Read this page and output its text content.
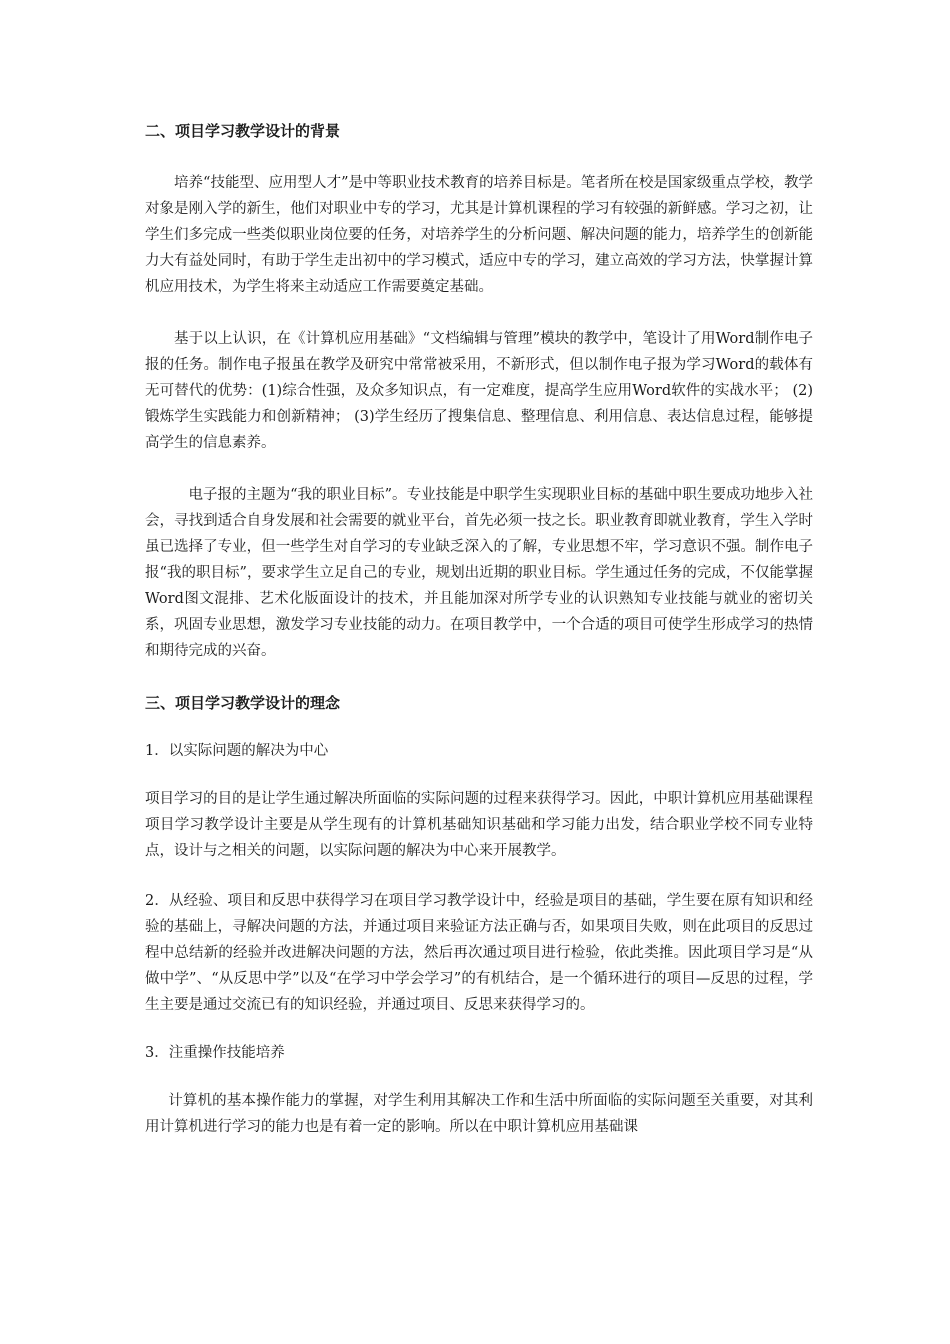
二、项目学习教学设计的背景

培养“技能型、应用型人才”是中等职业技术教育的培养目标是。笔者所在校是国家级重点学校，教学对象是刚入学的新生，他们对职业中专的学习，尤其是计算机课程的学习有较强的新鲜感。学习之初，让学生们多完成一些类似职业岗位要的任务，对培养学生的分析问题、解决问题的能力，培养学生的创新能力大有益处同时，有助于学生走出初中的学习模式，适应中专的学习，建立高效的学习方法，快掌握计算机应用技术，为学生将来主动适应工作需要奠定基础。

基于以上认识，在《计算机应用基础》“文档编辑与管理”模块的教学中，笔设计了用Word制作电子报的任务。制作电子报虽在教学及研究中常常被采用，不新形式，但以制作电子报为学习Word的载体有无可替代的优势：(1)综合性强，及众多知识点，有一定难度，提高学生应用Word软件的实战水平； (2)锻炼学生实践能力和创新精神； (3)学生经历了搜集信息、整理信息、利用信息、表达信息过程，能够提高学生的信息素养。

电子报的主题为“我的职业目标”。专业技能是中职学生实现职业目标的基础中职生要成功地步入社会，寻找到适合自身发展和社会需要的就业平台，首先必须一技之长。职业教育即就业教育，学生入学时虽已选择了专业，但一些学生对自学习的专业缺乏深入的了解，专业思想不牢，学习意识不强。制作电子报“我的职目标”，要求学生立足自己的专业，规划出近期的职业目标。学生通过任务的完成，不仅能掌握Word图文混排、艺术化版面设计的技术，并且能加深对所学专业的认识熟知专业技能与就业的密切关系，巩固专业思想，激发学习专业技能的动力。在项目教学中，一个合适的项目可使学生形成学习的热情和期待完成的兴奋。

三、项目学习教学设计的理念

1．以实际问题的解决为中心

项目学习的目的是让学生通过解决所面临的实际问题的过程来获得学习。因此，中职计算机应用基础课程项目学习教学设计主要是从学生现有的计算机基础知识基础和学习能力出发，结合职业学校不同专业特点，设计与之相关的问题，以实际问题的解决为中心来开展教学。

2．从经验、项目和反思中获得学习在项目学习教学设计中，经验是项目的基础，学生要在原有知识和经验的基础上，寻解决问题的方法，并通过项目来验证方法正确与否，如果项目失败，则在此项目的反思过程中总结新的经验并改进解决问题的方法，然后再次通过项目进行检验，依此类推。因此项目学习是“从做中学”、“从反思中学”以及“在学习中学会学习”的有机结合，是一个循环进行的项目—反思的过程，学生主要是通过交流已有的知识经验，并通过项目、反思来获得学习的。

3．注重操作技能培养

计算机的基本操作能力的掌握，对学生利用其解决工作和生活中所面临的实际问题至关重要，对其利用计算机进行学习的能力也是有着一定的影响。所以在中职计算机应用基础课
